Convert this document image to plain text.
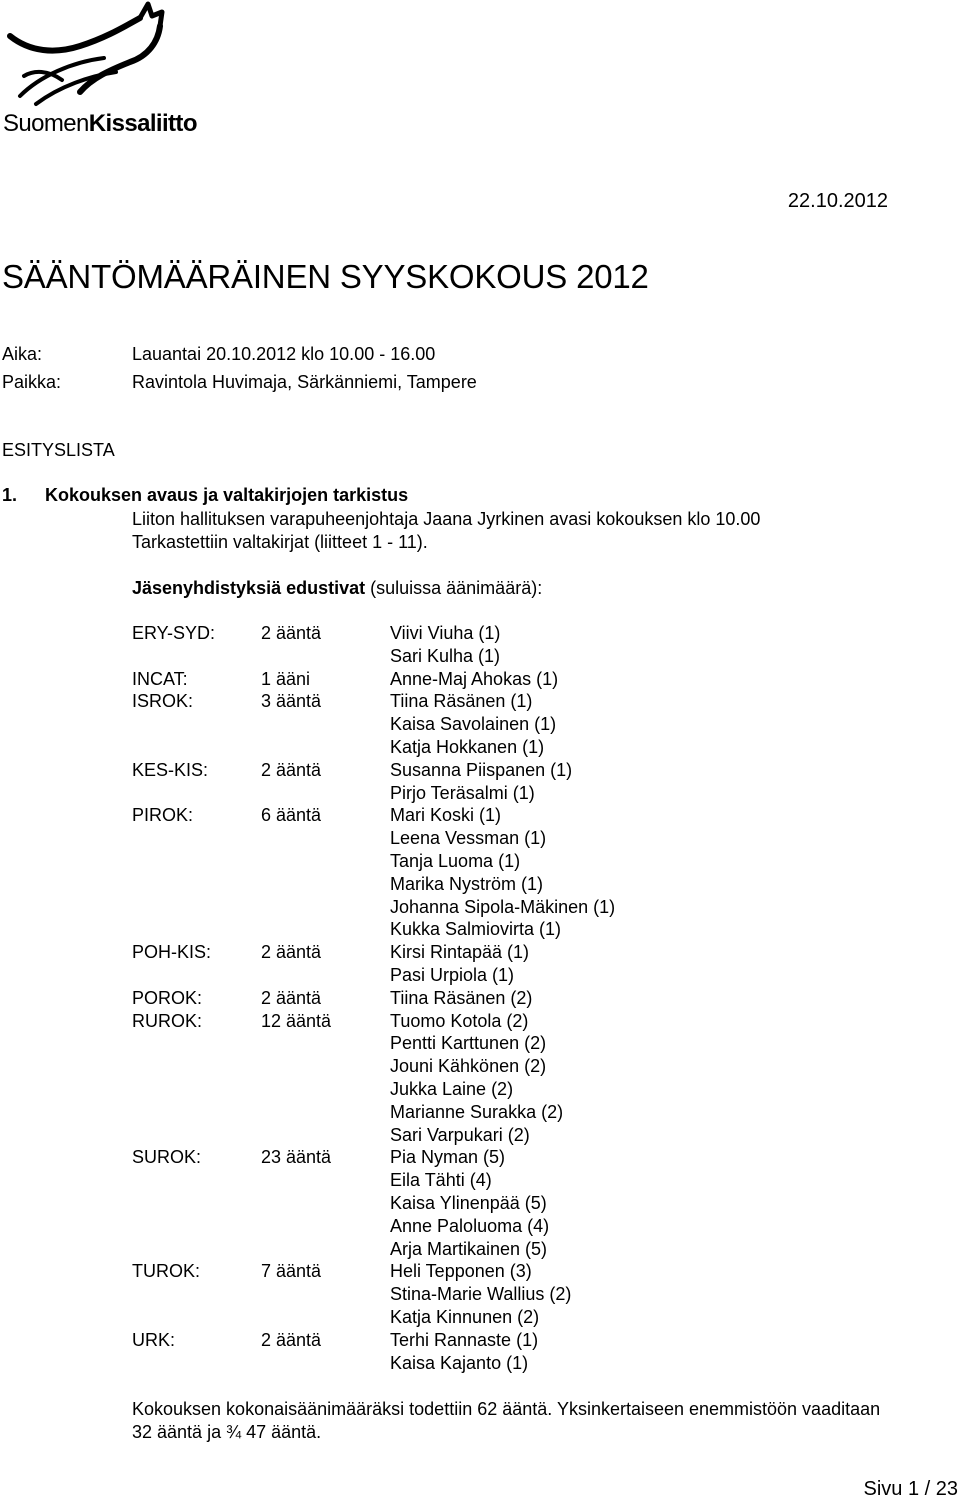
SuomenKissaliitto
22.10.2012
SÄÄNTÖMÄÄRÄINEN SYYSKOKOUS 2012
Aika:	Lauantai 20.10.2012 klo 10.00 - 16.00
Paikka:	Ravintola Huvimaja, Särkänniemi, Tampere
ESITYSLISTA
1. Kokouksen avaus ja valtakirjojen tarkistus
Liiton hallituksen varapuheenjohtaja Jaana Jyrkinen avasi kokouksen klo 10.00
Tarkastettiin valtakirjat (liitteet 1 - 11).
Jäsenyhdistyksiä edustivat (suluissa äänimäärä):
ERY-SYD:	2 ääntä	Viivi Viuha (1)
Sari Kulha (1)
INCAT:	1 ääni	Anne-Maj Ahokas (1)
ISROK:	3 ääntä	Tiina Räsänen (1)
Kaisa Savolainen (1)
Katja Hokkanen (1)
KES-KIS:	2 ääntä	Susanna Piispanen (1)
Pirjo Teräsalmi (1)
PIROK:	6 ääntä	Mari Koski (1)
Leena Vessman (1)
Tanja Luoma (1)
Marika Nyström (1)
Johanna Sipola-Mäkinen (1)
Kukka Salmiovirta (1)
POH-KIS:	2 ääntä	Kirsi Rintapää (1)
Pasi Urpiola (1)
POROK:	2 ääntä	Tiina Räsänen (2)
RUROK:	12 ääntä	Tuomo Kotola (2)
Pentti Karttunen (2)
Jouni Kähkönen (2)
Jukka Laine (2)
Marianne Surakka (2)
Sari Varpukari (2)
SUROK:	23 ääntä	Pia Nyman (5)
Eila Tähti (4)
Kaisa Ylinenpää (5)
Anne Paloluoma (4)
Arja Martikainen (5)
TUROK:	7 ääntä	Heli Tepponen (3)
Stina-Marie Wallius (2)
Katja Kinnunen (2)
URK:	2 ääntä	Terhi Rannaste (1)
Kaisa Kajanto (1)
Kokouksen kokonaisäänimääräksi todettiin 62 ääntä. Yksinkertaiseen enemmistöön vaaditaan
32 ääntä ja ¾ 47 ääntä.
Sivu 1 / 23
